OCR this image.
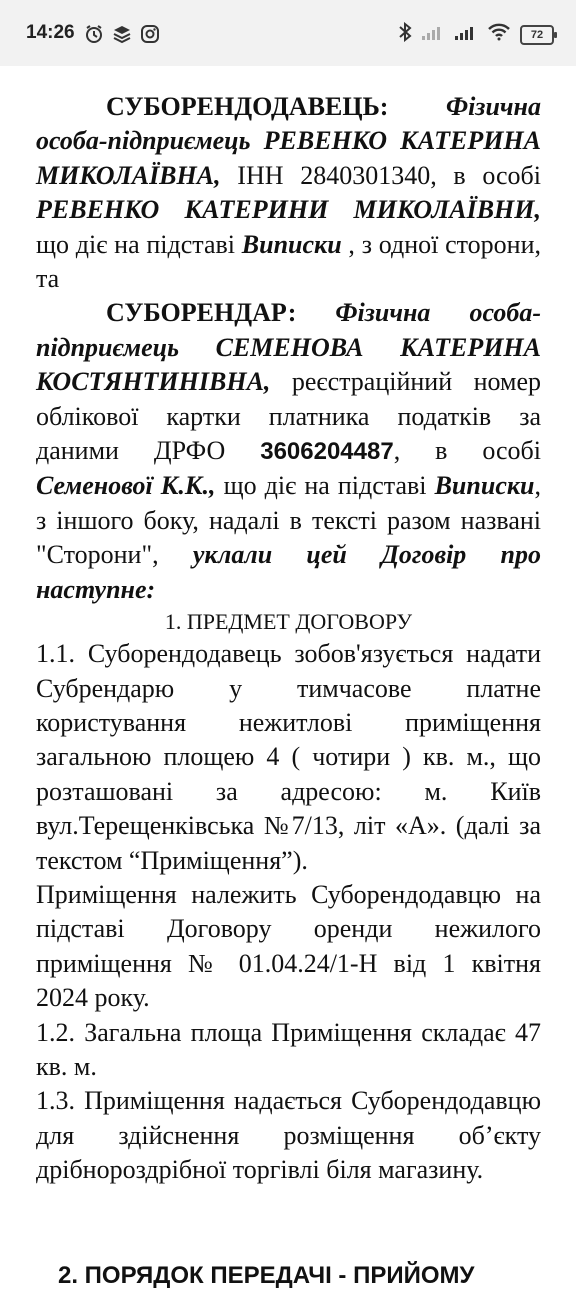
14:26	72

СУБОРЕНДОДАВЕЦЬ: Фізична особа-підприємець РЕВЕНКО КАТЕРИНА МИКОЛАЇВНА, ІНН 2840301340, в особі РЕВЕНКО КАТЕРИНИ МИКОЛАЇВНИ, що діє на підставі Виписки , з одної сторони, та

СУБОРЕНДАР: Фізична особа-підприємець СЕМЕНОВА КАТЕРИНА КОСТЯНТИНІВНА, реєстраційний номер облікової картки платника податків за даними ДРФО 3606204487, в особі Семенової К.К., що діє на підставі Виписки, з іншого боку, надалі в тексті разом названі "Сторони", уклали цей Договір про наступне:

1. ПРЕДМЕТ ДОГОВОРУ

1.1. Суборендодавець зобов'язується надати Субрендарю у тимчасове платне користування нежитлові приміщення загальною площею 4 ( чотири ) кв. м., що розташовані за адресою: м. Київ вул.Терещенківська №7/13, літ «А». (далі за текстом “Приміщення”).

Приміщення належить Суборендодавцю на підставі Договору оренди нежилого приміщення № 01.04.24/1-Н від 1 квітня 2024 року.

1.2. Загальна площа Приміщення складає 47 кв. м.

1.3. Приміщення надається Суборендодавцю для здійснення розміщення об’єкту дрібнороздрібної торгівлі біля магазину.

2. ПОРЯДОК ПЕРЕДАЧІ - ПРИЙОМУ
